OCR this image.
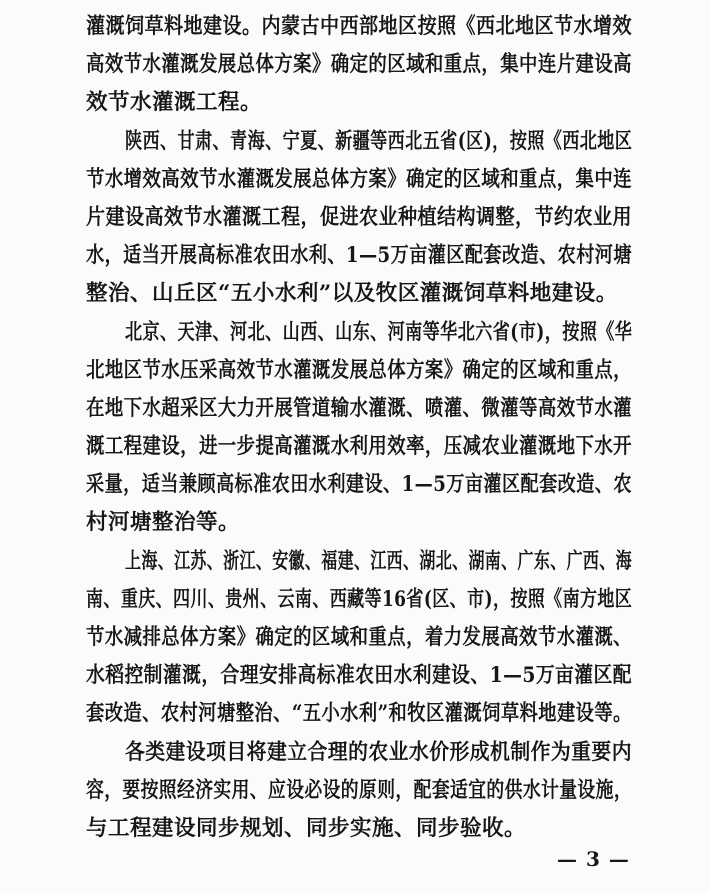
灌溉饲草料地建设。内蒙古中西部地区按照《西北地区节水增效
高效节水灌溉发展总体方案》确定的区域和重点，集中连片建设高
效节水灌溉工程。
陕西、甘肃、青海、宁夏、新疆等西北五省(区)，按照《西北地区
节水增效高效节水灌溉发展总体方案》确定的区域和重点，集中连
片建设高效节水灌溉工程，促进农业种植结构调整，节约农业用
水，适当开展高标准农田水利、1—5万亩灌区配套改造、农村河塘
整治、山丘区“五小水利”以及牧区灌溉饲草料地建设。
北京、天津、河北、山西、山东、河南等华北六省(市)，按照《华
北地区节水压采高效节水灌溉发展总体方案》确定的区域和重点，
在地下水超采区大力开展管道输水灌溉、喷灌、微灌等高效节水灌
溉工程建设，进一步提高灌溉水利用效率，压减农业灌溉地下水开
采量，适当兼顾高标准农田水利建设、1—5万亩灌区配套改造、农
村河塘整治等。
上海、江苏、浙江、安徽、福建、江西、湖北、湖南、广东、广西、海
南、重庆、四川、贵州、云南、西藏等16省(区、市)，按照《南方地区
节水减排总体方案》确定的区域和重点，着力发展高效节水灌溉、
水稻控制灌溉，合理安排高标准农田水利建设、1—5万亩灌区配
套改造、农村河塘整治、“五小水利”和牧区灌溉饲草料地建设等。
各类建设项目将建立合理的农业水价形成机制作为重要内
容，要按照经济实用、应设必设的原则，配套适宜的供水计量设施，
与工程建设同步规划、同步实施、同步验收。
— 3 —
